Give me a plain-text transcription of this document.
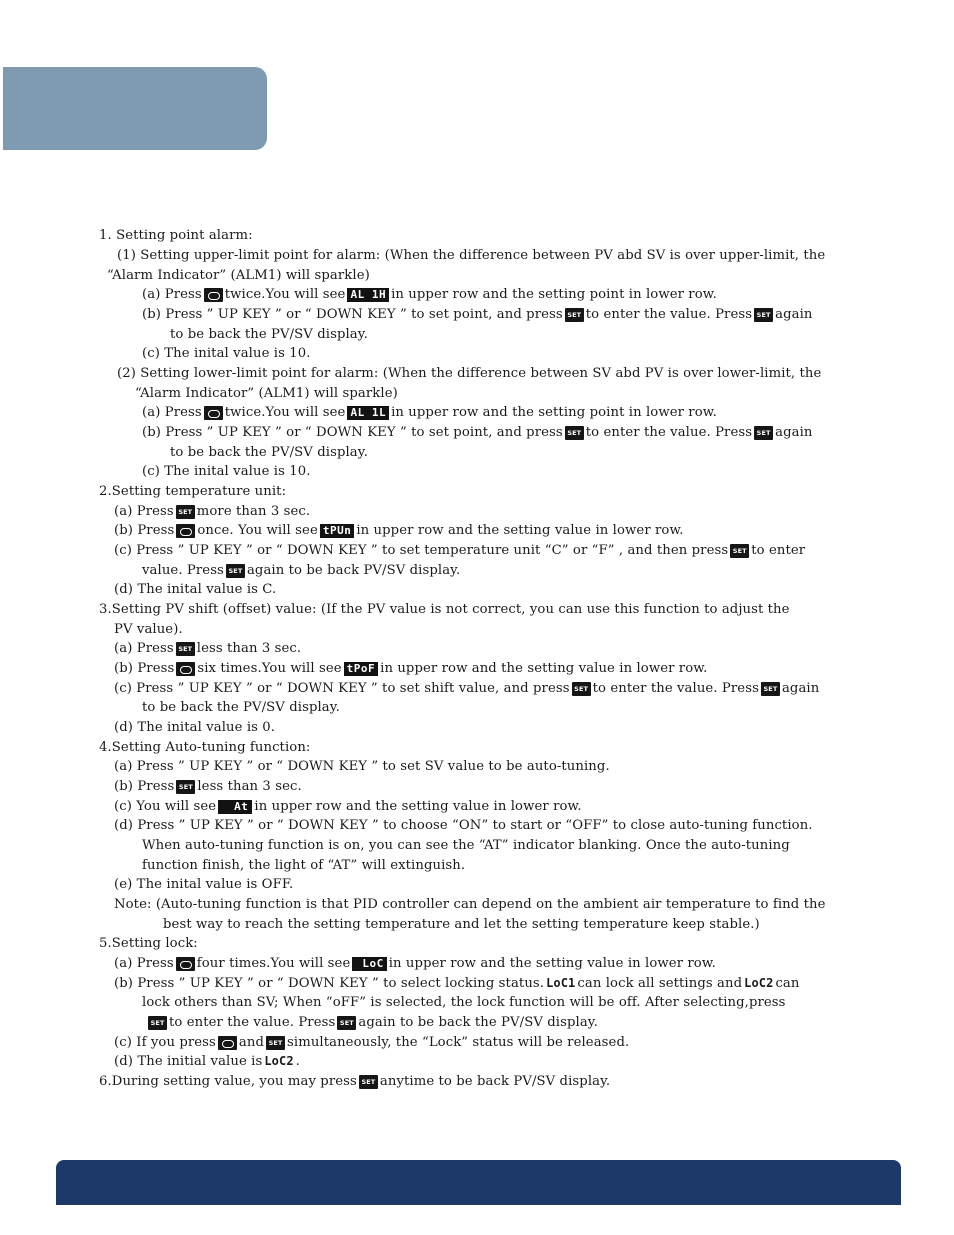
1. Setting point alarm:
(1) Setting upper-limit point for alarm: (When the difference between PV abd SV is over upper-limit, the
“Alarm Indicator” (ALM1) will sparkle)
(a) Press twice.You will see AL 1H in upper row and the setting point in lower row.
(b) Press ” UP KEY ” or “ DOWN KEY ” to set point, and press SET to enter the value. Press SET again
to be back the PV/SV display.
(c) The inital value is 10.
(2) Setting lower-limit point for alarm: (When the difference between SV abd PV is over lower-limit, the
“Alarm Indicator” (ALM1) will sparkle)
(a) Press twice.You will see AL 1L in upper row and the setting point in lower row.
(b) Press ” UP KEY ” or “ DOWN KEY ” to set point, and press SET to enter the value. Press SET again
to be back the PV/SV display.
(c) The inital value is 10.
2.Setting temperature unit:
(a) Press SET more than 3 sec.
(b) Press once. You will see tPUn in upper row and the setting value in lower row.
(c) Press ” UP KEY ” or “ DOWN KEY ” to set temperature unit “C” or “F” , and then press SET to enter
value. Press SET again to be back PV/SV display.
(d) The inital value is C.
3.Setting PV shift (offset) value: (If the PV value is not correct, you can use this function to adjust the
PV value).
(a) Press SET less than 3 sec.
(b) Press six times.You will see tPoF in upper row and the setting value in lower row.
(c) Press ” UP KEY ” or “ DOWN KEY ” to set shift value, and press SET to enter the value. Press SET again
to be back the PV/SV display.
(d) The inital value is 0.
4.Setting Auto-tuning function:
(a) Press ” UP KEY ” or “ DOWN KEY ” to set SV value to be auto-tuning.
(b) Press SET less than 3 sec.
(c) You will see At in upper row and the setting value in lower row.
(d) Press ” UP KEY ” or “ DOWN KEY ” to choose “ON” to start or “OFF” to close auto-tuning function.
When auto-tuning function is on, you can see the “AT” indicator blanking. Once the auto-tuning
function finish, the light of “AT” will extinguish.
(e) The inital value is OFF.
Note: (Auto-tuning function is that PID controller can depend on the ambient air temperature to find the
best way to reach the setting temperature and let the setting temperature keep stable.)
5.Setting lock:
(a) Press four times.You will see LoC in upper row and the setting value in lower row.
(b) Press ” UP KEY ” or “ DOWN KEY ” to select locking status. LoC1 can lock all settings and LoC2 can
lock others than SV; When “oFF” is selected, the lock function will be off. After selecting,press
SETto enter the value. Press SET again to be back the PV/SV display.
(c) If you press and SET simultaneously, the “Lock” status will be released.
(d) The initial value is LoC2 .
6.During setting value, you may press SET anytime to be back PV/SV display.
